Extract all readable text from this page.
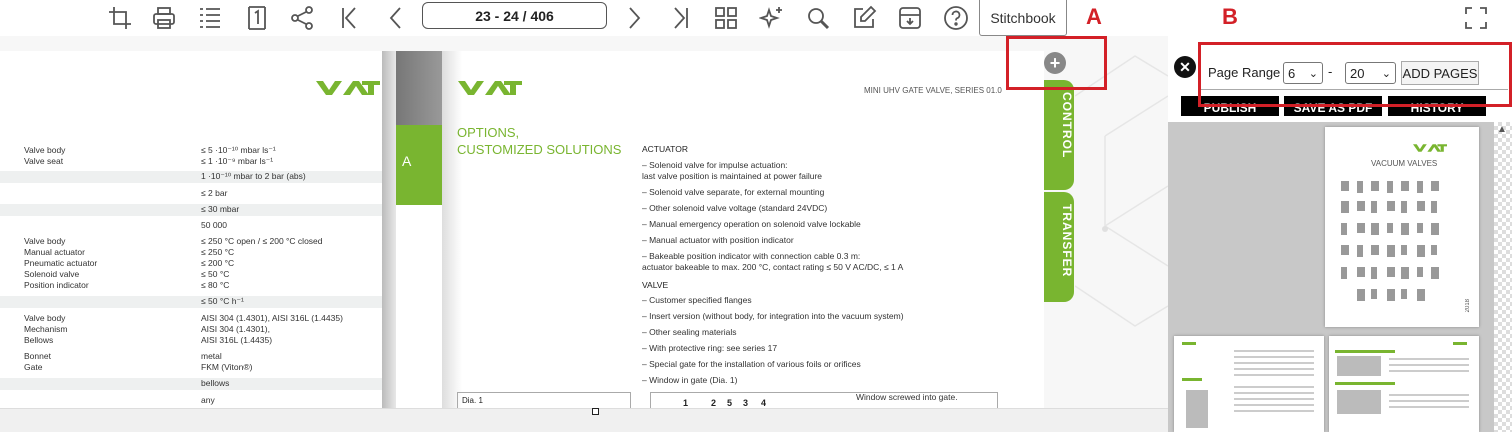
23 - 24 / 406	Stitchbook
Valve body	≤ 5 ·10⁻¹⁰ mbar ls⁻¹
Valve seat	≤ 1 ·10⁻⁹ mbar ls⁻¹
1 ·10⁻¹⁰ mbar to 2 bar (abs)
≤ 2 bar
≤ 30 mbar
50 000
Valve body	≤ 250 °C open / ≤ 200 °C closed
Manual actuator	≤ 250 °C
Pneumatic actuator	≤ 200 °C
Solenoid valve	≤ 50 °C
Position indicator	≤ 80 °C
≤ 50 °C h⁻¹
Valve body	AISI 304 (1.4301), AISI 316L (1.4435)
Mechanism	AISI 304 (1.4301),
Bellows	AISI 316L (1.4435)
Bonnet	metal
Gate	FKM (Viton®)
bellows
any
A
MINI UHV GATE VALVE, SERIES 01.0
OPTIONS,
CUSTOMIZED SOLUTIONS	ACTUATOR
– Solenoid valve for impulse actuation:
last valve position is maintained at power failure
– Solenoid valve separate, for external mounting
– Other solenoid valve voltage (standard 24VDC)
– Manual emergency operation on solenoid valve lockable
– Manual actuator with position indicator
– Bakeable position indicator with connection cable 0.3 m:
actuator bakeable to max. 200 °C, contact rating ≤ 50 V AC/DC, ≤ 1 A
VALVE
– Customer specified flanges
– Insert version (without body, for integration into the vacuum system)
– Other sealing materials
– With protective ring: see series 17
– Special gate for the installation of various foils or orifices
– Window in gate (Dia. 1)
Dia. 1	1	2 5 3 4
Window screwed into gate.
+
CONTROL
TRANSFER
✕	Page Range 6 ⌄ - 20 ⌄ ADD PAGES
PUBLISH	SAVE AS PDF	HISTORY
VACUUM VALVES
2018
▲
A	B
